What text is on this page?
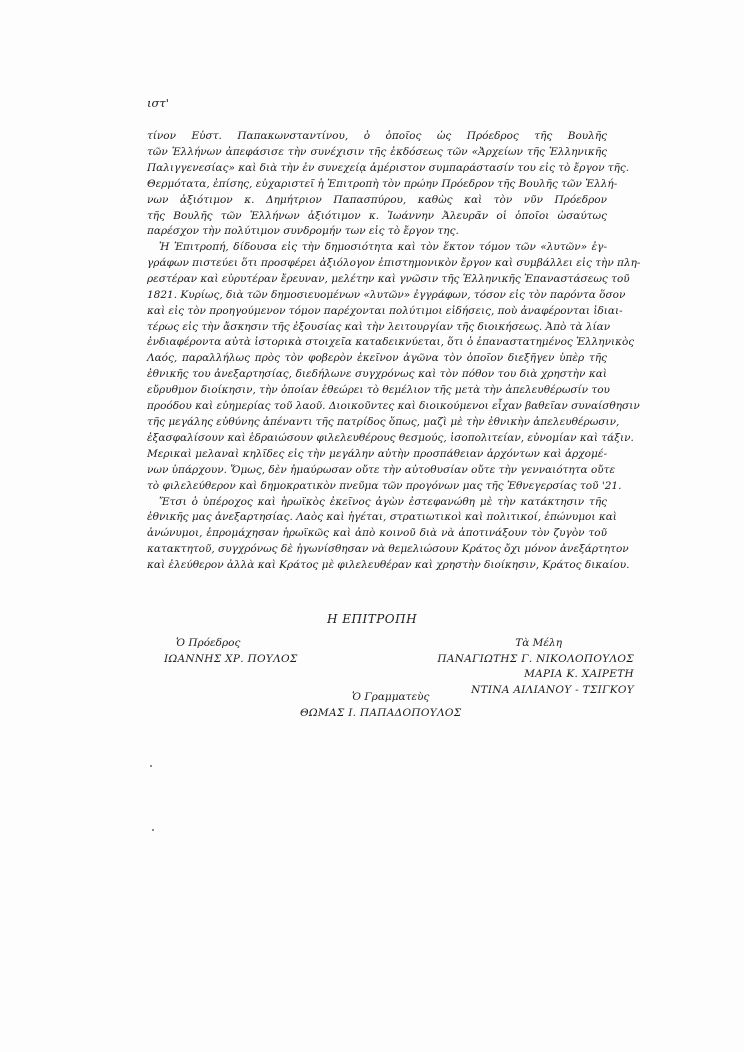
ιστ'
τίνον Εὐστ. Παπακωνσταντίνου, ὁ ὁποῖος ὡς Πρόεδρος τῆς Βουλῆς
τῶν Ἑλλήνων ἀπεφάσισε τὴν συνέχισιν τῆς ἐκδόσεως τῶν «Ἀρχείων τῆς Ἑλληνικῆς
Παλιγγενεσίας» καὶ διὰ τὴν ἐν συνεχείᾳ ἀμέριστον συμπαράστασίν του εἰς τὸ ἔργον τῆς.
Θερμότατα, ἐπίσης, εὐχαριστεῖ ἡ Ἐπιτροπὴ τὸν πρώην Πρόεδρον τῆς Βουλῆς τῶν Ἑλλή-
νων ἀξιότιμον κ. Δημήτριον Παπασπύρου, καθὼς καὶ τὸν νῦν Πρόεδρον
τῆς Βουλῆς τῶν Ἑλλήνων ἀξιότιμον κ. Ἰωάννην Ἀλευρᾶν οἱ ὁποῖοι ὡσαύτως
παρέσχον τὴν πολύτιμον συνδρομήν των εἰς τὸ ἔργον της.
Ἡ Ἐπιτροπή, δίδουσα εἰς τὴν δημοσιότητα καὶ τὸν ἕκτον τόμον τῶν «λυτῶν» ἐγ-
γράφων πιστεύει ὅτι προσφέρει ἀξιόλογον ἐπιστημονικὸν ἔργον καὶ συμβάλλει εἰς τὴν πλη-
ρεστέραν καὶ εὐρυτέραν ἔρευναν, μελέτην καὶ γνῶσιν τῆς Ἑλληνικῆς Ἐπαναστάσεως τοῦ
1821. Κυρίως, διὰ τῶν δημοσιευομένων «λυτῶν» ἐγγράφων, τόσον εἰς τὸν παρόντα ὅσον
καὶ εἰς τὸν προηγούμενον τόμον παρέχονται πολύτιμοι εἰδήσεις, ποὺ ἀναφέρονται ἰδιαι-
τέρως εἰς τὴν ἄσκησιν τῆς ἐξουσίας καὶ τὴν λειτουργίαν τῆς διοικήσεως. Ἀπὸ τὰ λίαν
ἐνδιαφέροντα αὐτὰ ἱστορικὰ στοιχεῖα καταδεικνύεται, ὅτι ὁ ἐπαναστατημένος Ἑλληνικὸς
Λαός, παραλλήλως πρὸς τὸν φοβερὸν ἐκεῖνον ἀγῶνα τὸν ὁποῖον διεξῆγεν ὑπὲρ τῆς
ἐθνικῆς του ἀνεξαρτησίας, διεδήλωνε συγχρόνως καὶ τὸν πόθον του διὰ χρηστὴν καὶ
εὔρυθμον διοίκησιν, τὴν ὁποίαν ἐθεώρει τὸ θεμέλιον τῆς μετὰ τὴν ἀπελευθέρωσίν του
προόδου καὶ εὐημερίας τοῦ λαοῦ. Διοικοῦντες καὶ διοικούμενοι εἶχαν βαθεῖαν συναίσθησιν
τῆς μεγάλης εὐθύνης ἀπέναντι τῆς πατρίδος ὅπως, μαζὶ μὲ τὴν ἐθνικὴν ἀπελευθέρωσιν,
ἐξασφαλίσουν καὶ ἑδραιώσουν φιλελευθέρους θεσμούς, ἰσοπολιτείαν, εὐνομίαν καὶ τάξιν.
Μερικαὶ μελαναὶ κηλῖδες εἰς τὴν μεγάλην αὐτὴν προσπάθειαν ἀρχόντων καὶ ἀρχομέ-
νων ὑπάρχουν. Ὅμως, δὲν ἠμαύρωσαν οὔτε τὴν αὐτοθυσίαν οὔτε τὴν γενναιότητα οὔτε
τὸ φιλελεύθερον καὶ δημοκρατικὸν πνεῦμα τῶν προγόνων μας τῆς Ἐθνεγερσίας τοῦ '21.
Ἔτσι ὁ ὑπέροχος καὶ ἡρωϊκὸς ἐκεῖνος ἀγὼν ἐστεφανώθη μὲ τὴν κατάκτησιν τῆς
ἐθνικῆς μας ἀνεξαρτησίας. Λαὸς καὶ ἡγέται, στρατιωτικοὶ καὶ πολιτικοί, ἐπώνυμοι καὶ
ἀνώνυμοι, ἐπρομάχησαν ἡρωϊκῶς καὶ ἀπὸ κοινοῦ διὰ νὰ ἀποτινάξουν τὸν ζυγὸν τοῦ
κατακτητοῦ, συγχρόνως δὲ ἠγωνίσθησαν νὰ θεμελιώσουν Κράτος ὄχι μόνον ἀνεξάρτητον
καὶ ἐλεύθερον ἀλλὰ καὶ Κράτος μὲ φιλελευθέραν καὶ χρηστὴν διοίκησιν, Κράτος δικαίου.
Η ΕΠΙΤΡΟΠΗ
Ὁ Πρόεδρος
ΙΩΑΝΝΗΣ ΧΡ. ΠΟΥΛΟΣ
Τὰ Μέλη
ΠΑΝΑΓΙΩΤΗΣ Γ. ΝΙΚΟΛΟΠΟΥΛΟΣ
ΜΑΡΙΑ Κ. ΧΑΙΡΕΤΗ
ΝΤΙΝΑ ΑΙΛΙΑΝΟΥ - ΤΣΙΓΚΟΥ
Ὁ Γραμματεὺς
ΘΩΜΑΣ Ι. ΠΑΠΑΔΟΠΟΥΛΟΣ
